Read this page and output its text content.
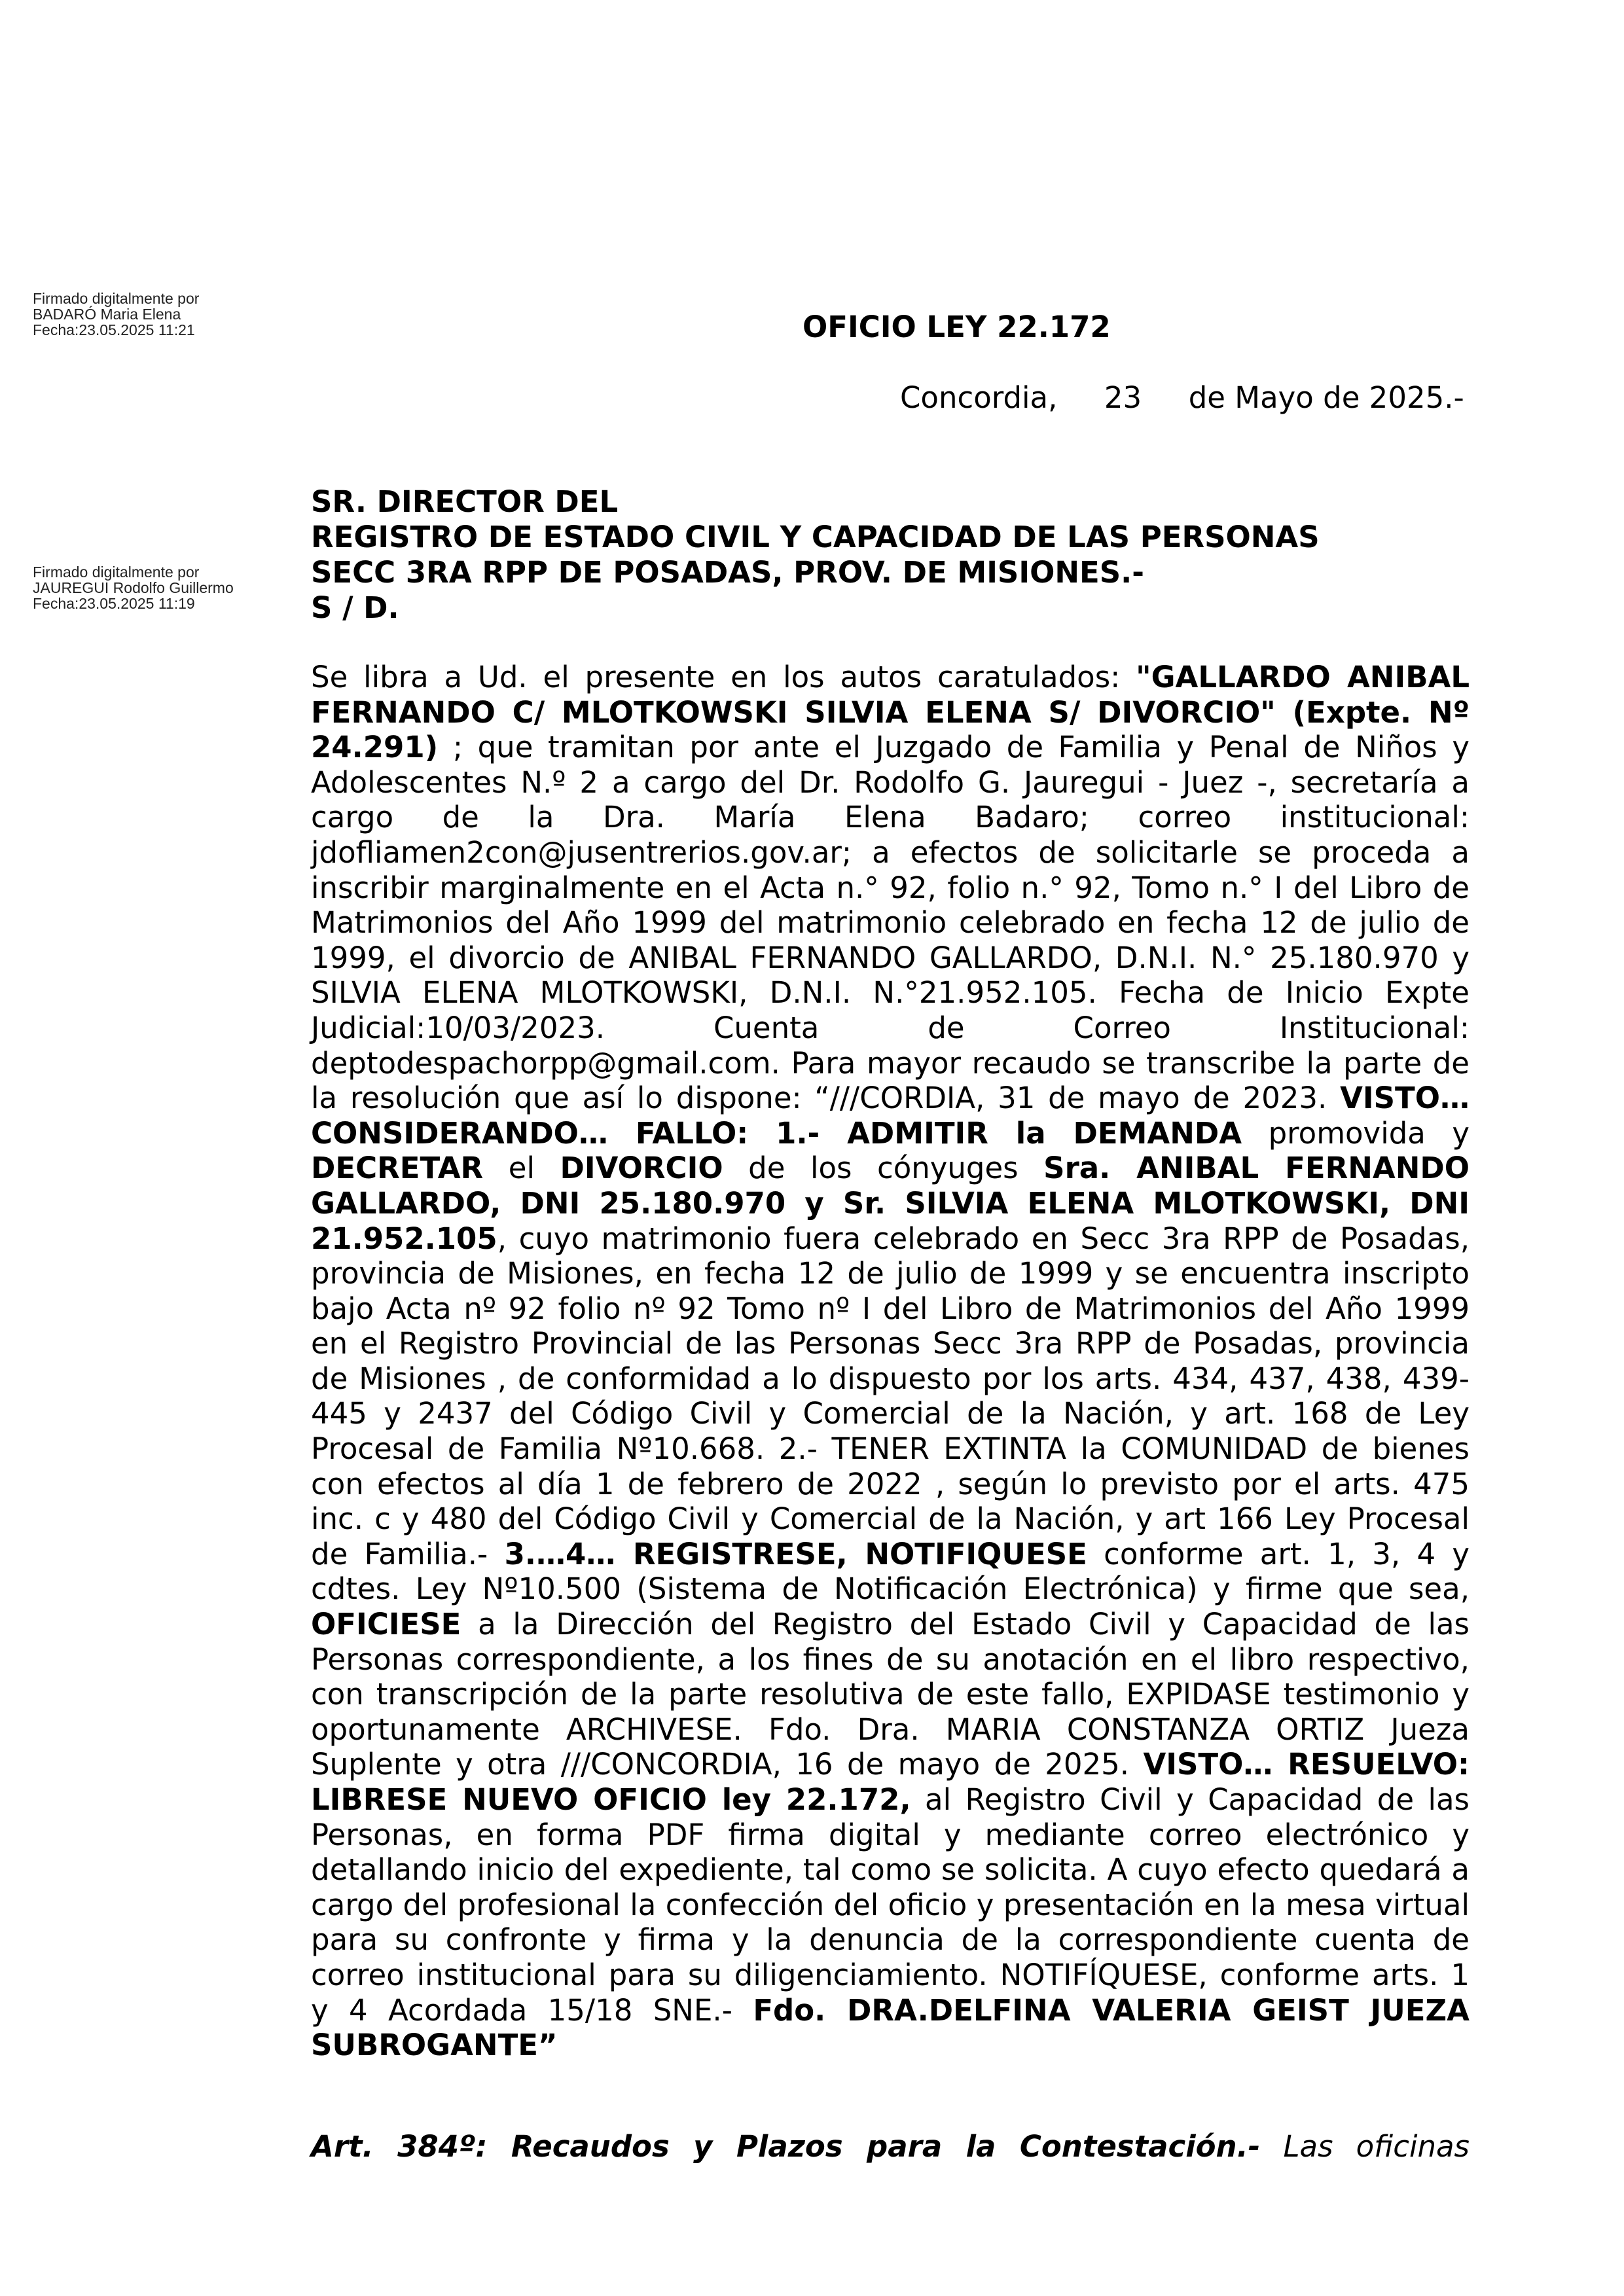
Firmado digitalmente por
BADARÓ Maria Elena
Fecha:23.05.2025 11:21
Firmado digitalmente por
JAUREGUI Rodolfo Guillermo
Fecha:23.05.2025 11:19
OFICIO LEY 22.172
Concordia,     23     de Mayo de 2025.-
SR. DIRECTOR DEL
REGISTRO DE ESTADO CIVIL Y CAPACIDAD DE LAS PERSONAS
SECC 3RA RPP DE POSADAS, PROV. DE MISIONES.-
S / D.
Se libra a Ud. el presente en los autos caratulados: "GALLARDO ANIBAL FERNANDO C/ MLOTKOWSKI SILVIA ELENA S/ DIVORCIO" (Expte. Nº 24.291) ; que tramitan por ante el Juzgado de Familia y Penal de Niños y Adolescentes N.º 2 a cargo del Dr. Rodolfo G. Jauregui - Juez -, secretaría a cargo de la Dra. María Elena Badaro; correo institucional: jdofliamen2con@jusentrerios.gov.ar; a efectos de solicitarle se proceda a inscribir marginalmente en el Acta n.° 92, folio n.° 92, Tomo n.° I del Libro de Matrimonios del Año 1999 del matrimonio celebrado en fecha 12 de julio de 1999, el divorcio de ANIBAL FERNANDO GALLARDO, D.N.I. N.° 25.180.970 y SILVIA ELENA MLOTKOWSKI, D.N.I. N.°21.952.105. Fecha de Inicio Expte Judicial:10/03/2023. Cuenta de Correo Institucional: deptodespachorpp@gmail.com. Para mayor recaudo se transcribe la parte de la resolución que así lo dispone: “///CORDIA, 31 de mayo de 2023. VISTO… CONSIDERANDO… FALLO: 1.- ADMITIR la DEMANDA promovida y DECRETAR el DIVORCIO de los cónyuges Sra. ANIBAL FERNANDO GALLARDO, DNI 25.180.970 y Sr. SILVIA ELENA MLOTKOWSKI, DNI 21.952.105, cuyo matrimonio fuera celebrado en Secc 3ra RPP de Posadas, provincia de Misiones, en fecha 12 de julio de 1999 y se encuentra inscripto bajo Acta nº 92 folio nº 92 Tomo nº I del Libro de Matrimonios del Año 1999 en el Registro Provincial de las Personas Secc 3ra RPP de Posadas, provincia de Misiones , de conformidad a lo dispuesto por los arts. 434, 437, 438, 439-445 y 2437 del Código Civil y Comercial de la Nación, y art. 168 de Ley Procesal de Familia Nº10.668. 2.- TENER EXTINTA la COMUNIDAD de bienes con efectos al día 1 de febrero de 2022 , según lo previsto por el arts. 475 inc. c y 480 del Código Civil y Comercial de la Nación, y art 166 Ley Procesal de Familia.- 3.…4… REGISTRESE, NOTIFIQUESE conforme art. 1, 3, 4 y cdtes. Ley Nº10.500 (Sistema de Notificación Electrónica) y firme que sea, OFICIESE a la Dirección del Registro del Estado Civil y Capacidad de las Personas correspondiente, a los fines de su anotación en el libro respectivo, con transcripción de la parte resolutiva de este fallo, EXPIDASE testimonio y oportunamente ARCHIVESE. Fdo. Dra. MARIA CONSTANZA ORTIZ Jueza Suplente y otra ///CONCORDIA, 16 de mayo de 2025. VISTO… RESUELVO: LIBRESE NUEVO OFICIO ley 22.172, al Registro Civil y Capacidad de las Personas, en forma PDF firma digital y mediante correo electrónico y detallando inicio del expediente, tal como se solicita. A cuyo efecto quedará a cargo del profesional la confección del oficio y presentación en la mesa virtual para su confronte y firma y la denuncia de la correspondiente cuenta de correo institucional para su diligenciamiento. NOTIFÍQUESE, conforme arts. 1 y 4 Acordada 15/18 SNE.- Fdo. DRA.DELFINA VALERIA GEIST JUEZA SUBROGANTE”
Art. 384º: Recaudos y Plazos para la Contestación.- Las oficinas
